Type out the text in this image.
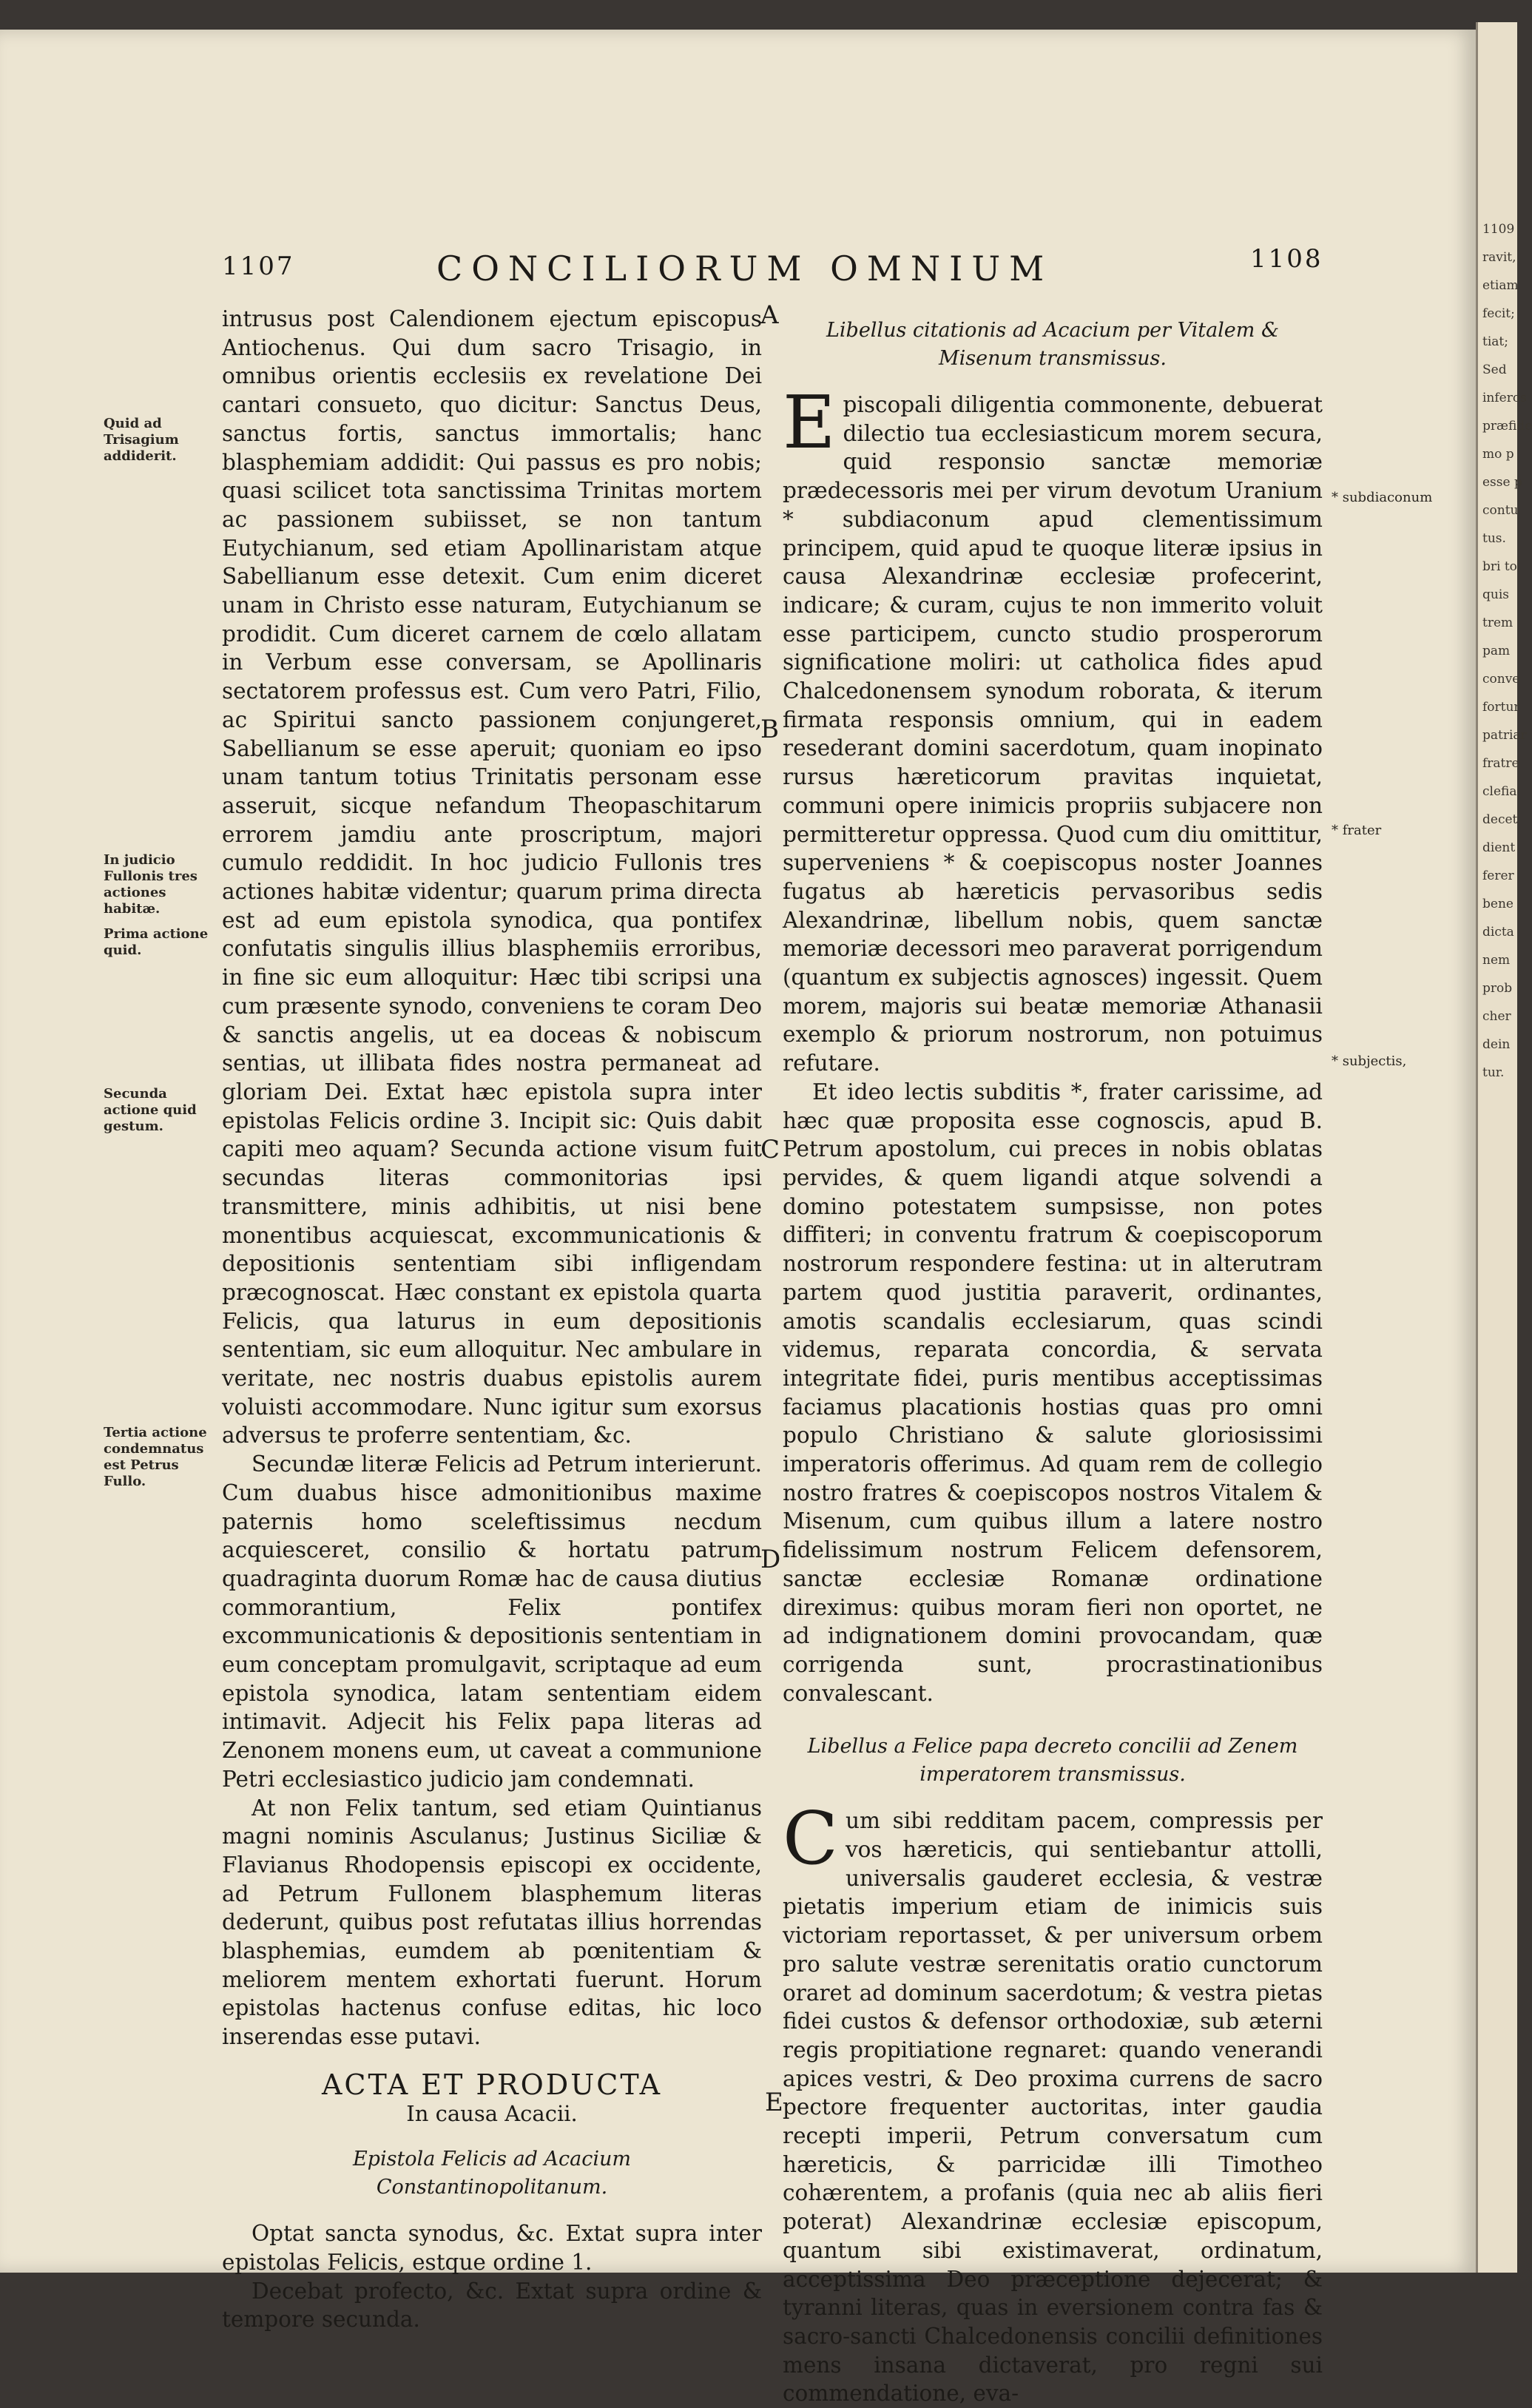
1107	CONCILIORUM OMNIUM	1108
Quid ad Trisagium addiderit.
In judicio Fullonis tres actiones habitæ.
Prima actione quid.
Secunda actione quid gestum.
Tertia actione condemnatus est Petrus Fullo.
* subdiaconum
* frater
* subjectis,
A
B
C
D
E

intrusus post Calendionem ejectum episcopus Antiochenus. Qui dum sacro Trisagio, in omnibus orientis ecclesiis ex revelatione Dei cantari consueto, quo dicitur: Sanctus Deus, sanctus fortis, sanctus immortalis; hanc blasphemiam addidit: Qui passus es pro nobis; quasi scilicet tota sanctissima Trinitas mortem ac passionem subiisset, se non tantum Eutychianum, sed etiam Apollinaristam atque Sabellianum esse detexit. Cum enim diceret unam in Christo esse naturam, Eutychianum se prodidit. Cum diceret carnem de cœlo allatam in Verbum esse conversam, se Apollinaris sectatorem professus est. Cum vero Patri, Filio, ac Spiritui sancto passionem conjungeret, Sabellianum se esse aperuit; quoniam eo ipso unam tantum totius Trinitatis personam esse asseruit, sicque nefandum Theopaschitarum errorem jamdiu ante proscriptum, majori cumulo reddidit. In hoc judicio Fullonis tres actiones habitæ videntur; quarum prima directa est ad eum epistola synodica, qua pontifex confutatis singulis illius blasphemiis erroribus, in fine sic eum alloquitur: Hæc tibi scripsi una cum præsente synodo, conveniens te coram Deo & sanctis angelis, ut ea doceas & nobiscum sentias, ut illibata fides nostra permaneat ad gloriam Dei. Extat hæc epistola supra inter epistolas Felicis ordine 3. Incipit sic: Quis dabit capiti meo aquam? Secunda actione visum fuit secundas literas commonitorias ipsi transmittere, minis adhibitis, ut nisi bene monentibus acquiescat, excommunicationis & depositionis sententiam sibi infligendam præcognoscat. Hæc constant ex epistola quarta Felicis, qua laturus in eum depositionis sententiam, sic eum alloquitur. Nec ambulare in veritate, nec nostris duabus epistolis aurem voluisti accommodare. Nunc igitur sum exorsus adversus te proferre sententiam, &c.

Secundæ literæ Felicis ad Petrum interierunt. Cum duabus hisce admonitionibus maxime paternis homo sceleftissimus necdum acquiesceret, consilio & hortatu patrum quadraginta duorum Romæ hac de causa diutius commorantium, Felix pontifex excommunicationis & depositionis sententiam in eum conceptam promulgavit, scriptaque ad eum epistola synodica, latam sententiam eidem intimavit. Adjecit his Felix papa literas ad Zenonem monens eum, ut caveat a communione Petri ecclesiastico judicio jam condemnati.

At non Felix tantum, sed etiam Quintianus magni nominis Asculanus; Justinus Siciliæ & Flavianus Rhodopensis episcopi ex occidente, ad Petrum Fullonem blasphemum literas dederunt, quibus post refutatas illius horrendas blasphemias, eumdem ab pœnitentiam & meliorem mentem exhortati fuerunt. Horum epistolas hactenus confuse editas, hic loco inserendas esse putavi.

ACTA ET PRODUCTA

In causa Acacii.

Epistola Felicis ad Acacium Constantinopolitanum.

Optat sancta synodus, &c. Extat supra inter epistolas Felicis, estque ordine 1.

Decebat profecto, &c. Extat supra ordine & tempore secunda.

Libellus citationis ad Acacium per Vitalem & Misenum transmissus.

Episcopali diligentia commonente, debuerat dilectio tua ecclesiasticum morem secura, quid responsio sanctæ memoriæ prædecessoris mei per virum devotum Uranium * subdiaconum apud clementissimum principem, quid apud te quoque literæ ipsius in causa Alexandrinæ ecclesiæ profecerint, indicare; & curam, cujus te non immerito voluit esse participem, cuncto studio prosperorum significatione moliri: ut catholica fides apud Chalcedonensem synodum roborata, & iterum firmata responsis omnium, qui in eadem resederant domini sacerdotum, quam inopinato rursus hæreticorum pravitas inquietat, communi opere inimicis propriis subjacere non permitteretur oppressa. Quod cum diu omittitur, superveniens * & coepiscopus noster Joannes fugatus ab hæreticis pervasoribus sedis Alexandrinæ, libellum nobis, quem sanctæ memoriæ decessori meo paraverat porrigendum (quantum ex subjectis agnosces) ingessit. Quem morem, majoris sui beatæ memoriæ Athanasii exemplo & priorum nostrorum, non potuimus refutare.

Et ideo lectis subditis *, frater carissime, ad hæc quæ proposita esse cognoscis, apud B. Petrum apostolum, cui preces in nobis oblatas pervides, & quem ligandi atque solvendi a domino potestatem sumpsisse, non potes diffiteri; in conventu fratrum & coepiscoporum nostrorum respondere festina: ut in alterutram partem quod justitia paraverit, ordinantes, amotis scandalis ecclesiarum, quas scindi videmus, reparata concordia, & servata integritate fidei, puris mentibus acceptissimas faciamus placationis hostias quas pro omni populo Christiano & salute gloriosissimi imperatoris offerimus. Ad quam rem de collegio nostro fratres & coepiscopos nostros Vitalem & Misenum, cum quibus illum a latere nostro fidelissimum nostrum Felicem defensorem, sanctæ ecclesiæ Romanæ ordinatione direximus: quibus moram fieri non oportet, ne ad indignationem domini provocandam, quæ corrigenda sunt, procrastinationibus convalescant.

Libellus a Felice papa decreto concilii ad Zenem imperatorem transmissus.

Cum sibi redditam pacem, compressis per vos hæreticis, qui sentiebantur attolli, universalis gauderet ecclesia, & vestræ pietatis imperium etiam de inimicis suis victoriam reportasset, & per universum orbem pro salute vestræ serenitatis oratio cunctorum oraret ad dominum sacerdotum; & vestra pietas fidei custos & defensor orthodoxiæ, sub æterni regis propitiatione regnaret: quando venerandi apices vestri, & Deo proxima currens de sacro pectore frequenter auctoritas, inter gaudia recepti imperii, Petrum conversatum cum hæreticis, & parricidæ illi Timotheo cohærentem, a profanis (quia nec ab aliis fieri poterat) Alexandrinæ ecclesiæ episcopum, quantum sibi existimaverat, ordinatum, acceptissima Deo præceptione dejecerat; & tyranni literas, quas in eversionem contra fas & sacro-sancti Chalcedonensis concilii definitiones mens insana dictaverat, pro regni sui commendatione, eva-

1109
ravit,
etiam
fecit;
tiat;
Sed
inferos
præfide
mo p
esse p
contu
tus.
bri to
quis
trem
pam
conve
fortur
patriar
fratre
clefia
decet
dient
ferer
bene
dicta
nem
prob
cher
dein
tur.
